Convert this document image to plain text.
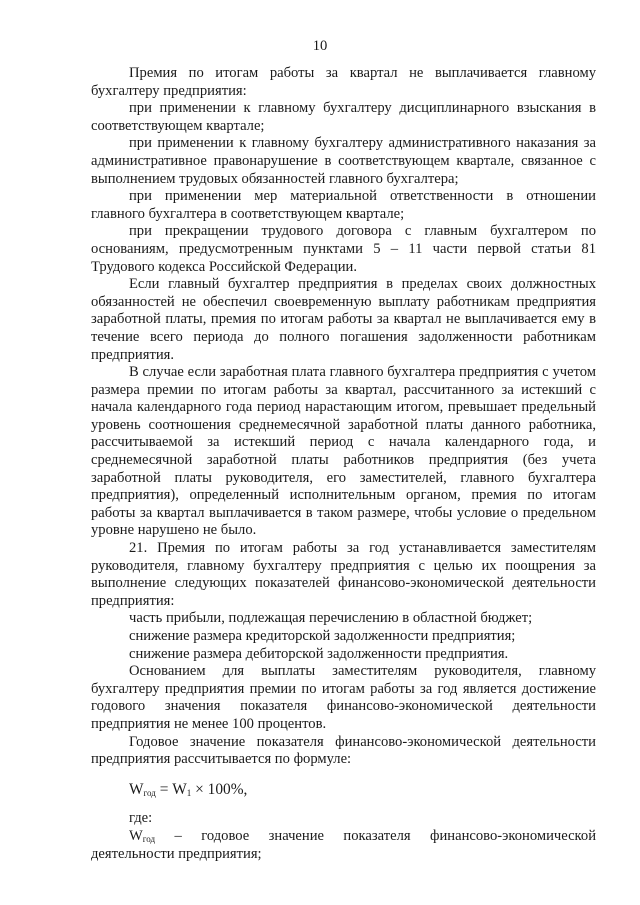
10

Премия по итогам работы за квартал не выплачивается главному бухгалтеру предприятия:

при применении к главному бухгалтеру дисциплинарного взыскания в соответствующем квартале;

при применении к главному бухгалтеру административного наказания за административное правонарушение в соответствующем квартале, связанное с выполнением трудовых обязанностей главного бухгалтера;

при применении мер материальной ответственности в отношении главного бухгалтера в соответствующем квартале;

при прекращении трудового договора с главным бухгалтером по основаниям, предусмотренным пунктами 5 – 11 части первой статьи 81 Трудового кодекса Российской Федерации.

Если главный бухгалтер предприятия в пределах своих должностных обязанностей не обеспечил своевременную выплату работникам предприятия заработной платы, премия по итогам работы за квартал не выплачивается ему в течение всего периода до полного погашения задолженности работникам предприятия.

В случае если заработная плата главного бухгалтера предприятия с учетом размера премии по итогам работы за квартал, рассчитанного за истекший с начала календарного года период нарастающим итогом, превышает предельный уровень соотношения среднемесячной заработной платы данного работника, рассчитываемой за истекший период с начала календарного года, и среднемесячной заработной платы работников предприятия (без учета заработной платы руководителя, его заместителей, главного бухгалтера предприятия), определенный исполнительным органом, премия по итогам работы за квартал выплачивается в таком размере, чтобы условие о предельном уровне нарушено не было.

21. Премия по итогам работы за год устанавливается заместителям руководителя, главному бухгалтеру предприятия с целью их поощрения за выполнение следующих показателей финансово-экономической деятельности предприятия:

часть прибыли, подлежащая перечислению в областной бюджет;

снижение размера кредиторской задолженности предприятия;

снижение размера дебиторской задолженности предприятия.

Основанием для выплаты заместителям руководителя, главному бухгалтеру предприятия премии по итогам работы за год является достижение годового значения показателя финансово-экономической деятельности предприятия не менее 100 процентов.

Годовое значение показателя финансово-экономической деятельности предприятия рассчитывается по формуле:

$W_{год} = W_1 \times 100\%$,

где:

$W_{год}$ – годовое значение показателя финансово-экономической деятельности предприятия;
